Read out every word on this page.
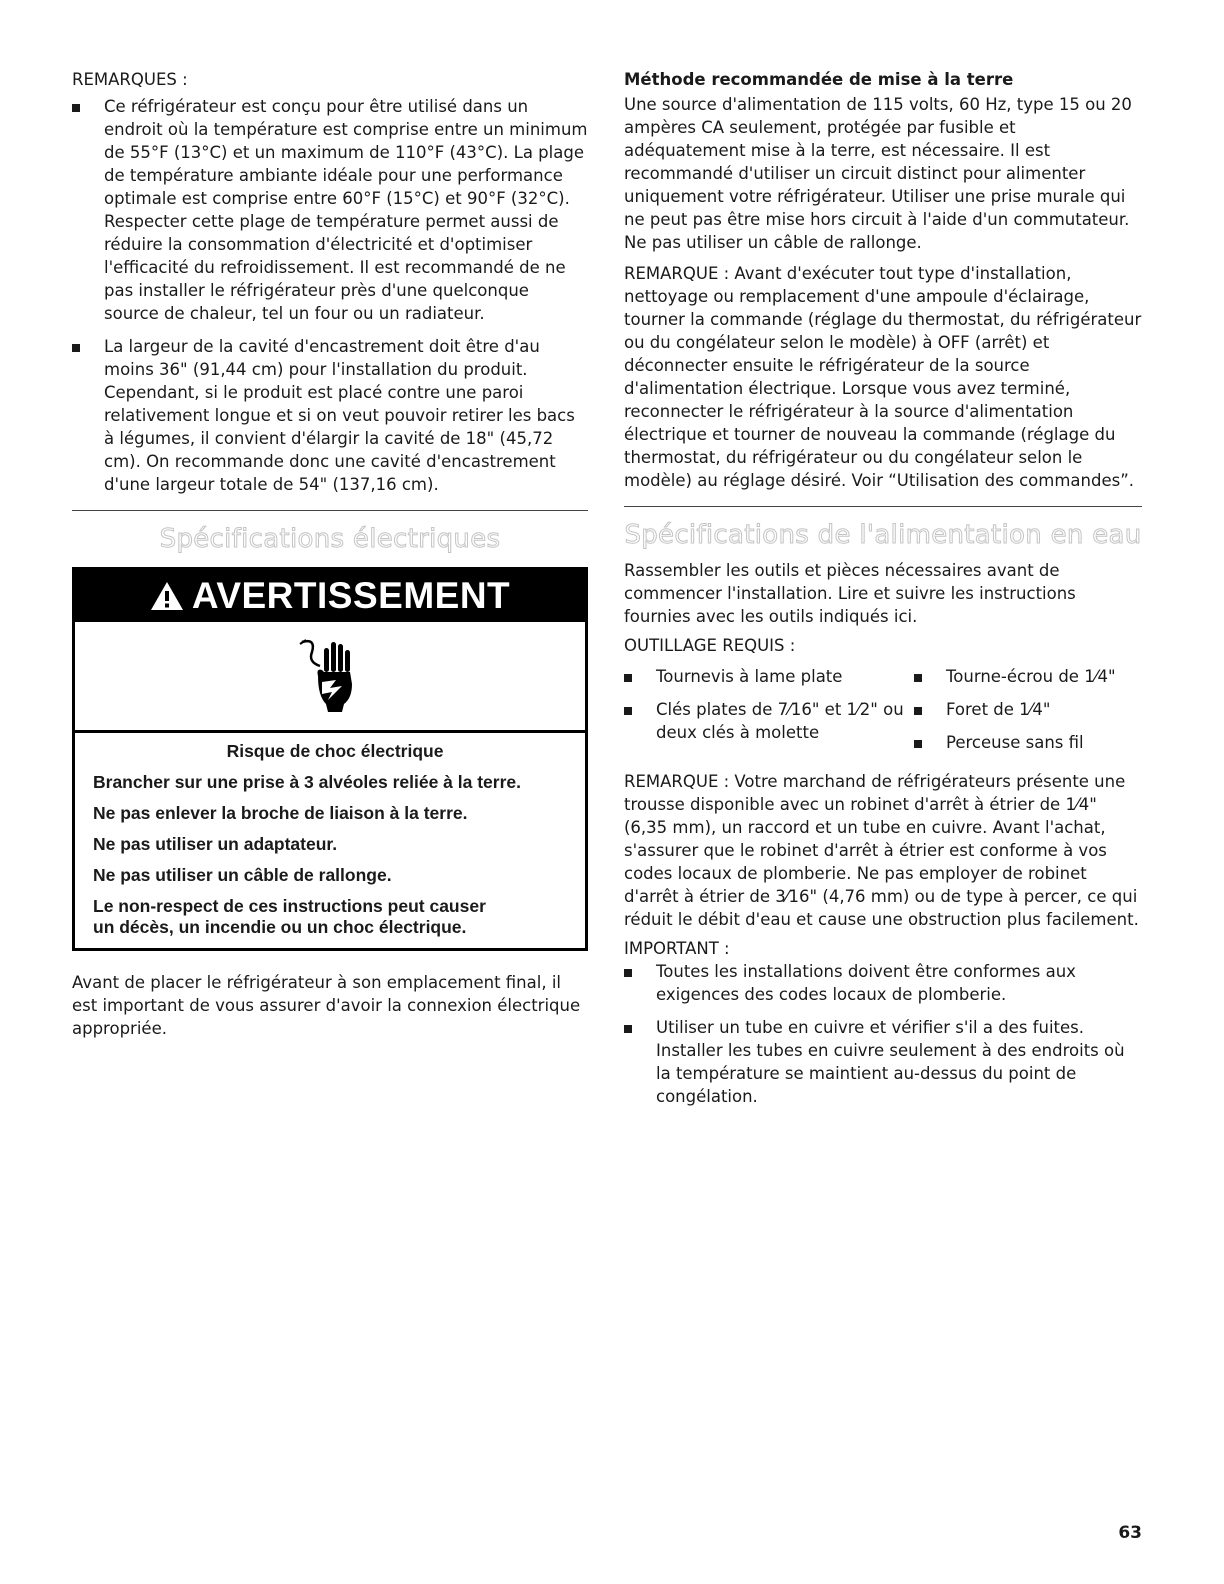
REMARQUES :

Ce réfrigérateur est conçu pour être utilisé dans un endroit où la température est comprise entre un minimum de 55°F (13°C) et un maximum de 110°F (43°C). La plage de température ambiante idéale pour une performance optimale est comprise entre 60°F (15°C) et 90°F (32°C). Respecter cette plage de température permet aussi de réduire la consommation d'électricité et d'optimiser l'efficacité du refroidissement. Il est recommandé de ne pas installer le réfrigérateur près d'une quelconque source de chaleur, tel un four ou un radiateur.
La largeur de la cavité d'encastrement doit être d'au moins 36" (91,44 cm) pour l'installation du produit. Cependant, si le produit est placé contre une paroi relativement longue et si on veut pouvoir retirer les bacs à légumes, il convient d'élargir la cavité de 18" (45,72 cm). On recommande donc une cavité d'encastrement d'une largeur totale de 54" (137,16 cm).
Spécifications électriques
AVERTISSEMENT
Risque de choc électrique
Brancher sur une prise à 3 alvéoles reliée à la terre.
Ne pas enlever la broche de liaison à la terre.
Ne pas utiliser un adaptateur.
Ne pas utiliser un câble de rallonge.
Le non-respect de ces instructions peut causer
un décès, un incendie ou un choc électrique.

Avant de placer le réfrigérateur à son emplacement final, il est important de vous assurer d'avoir la connexion électrique appropriée.

Méthode recommandée de mise à la terre

Une source d'alimentation de 115 volts, 60 Hz, type 15 ou 20 ampères CA seulement, protégée par fusible et adéquatement mise à la terre, est nécessaire. Il est recommandé d'utiliser un circuit distinct pour alimenter uniquement votre réfrigérateur. Utiliser une prise murale qui ne peut pas être mise hors circuit à l'aide d'un commutateur. Ne pas utiliser un câble de rallonge.

REMARQUE : Avant d'exécuter tout type d'installation, nettoyage ou remplacement d'une ampoule d'éclairage, tourner la commande (réglage du thermostat, du réfrigérateur ou du congélateur selon le modèle) à OFF (arrêt) et déconnecter ensuite le réfrigérateur de la source d'alimentation électrique. Lorsque vous avez terminé, reconnecter le réfrigérateur à la source d'alimentation électrique et tourner de nouveau la commande (réglage du thermostat, du réfrigérateur ou du congélateur selon le modèle) au réglage désiré. Voir “Utilisation des commandes”.

Spécifications de l'alimentation en eau

Rassembler les outils et pièces nécessaires avant de commencer l'installation. Lire et suivre les instructions fournies avec les outils indiqués ici.

OUTILLAGE REQUIS :

Tournevis à lame plate
Clés plates de 7⁄16" et 1⁄2" ou deux clés à molette
Tourne-écrou de 1⁄4"
Foret de 1⁄4"
Perceuse sans fil

REMARQUE : Votre marchand de réfrigérateurs présente une trousse disponible avec un robinet d'arrêt à étrier de 1⁄4" (6,35 mm), un raccord et un tube en cuivre. Avant l'achat, s'assurer que le robinet d'arrêt à étrier est conforme à vos codes locaux de plomberie. Ne pas employer de robinet d'arrêt à étrier de 3⁄16" (4,76 mm) ou de type à percer, ce qui réduit le débit d'eau et cause une obstruction plus facilement.

IMPORTANT :

Toutes les installations doivent être conformes aux exigences des codes locaux de plomberie.
Utiliser un tube en cuivre et vérifier s'il a des fuites. Installer les tubes en cuivre seulement à des endroits où la température se maintient au-dessus du point de congélation.
63
